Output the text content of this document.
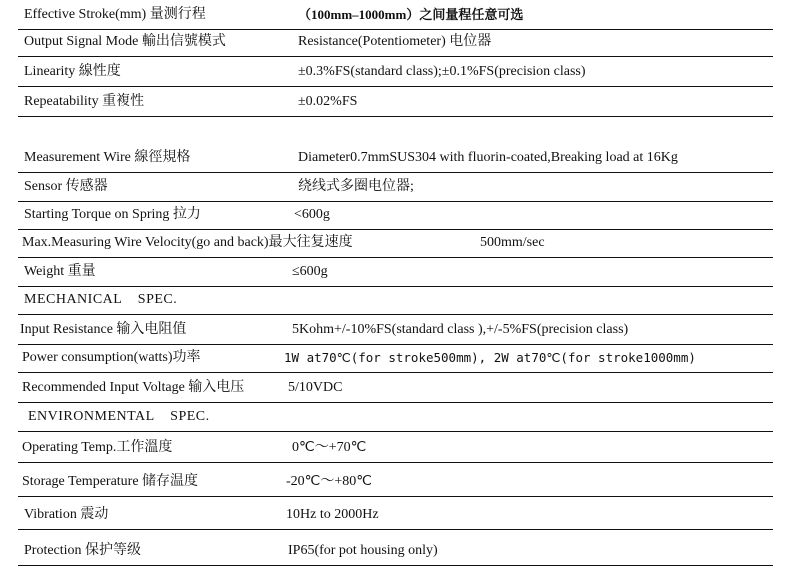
Effective Stroke(mm) 量测行程	（100mm–1000mm）之间量程任意可选
Output Signal Mode 輸出信號模式	Resistance(Potentiometer) 电位器
Linearity 線性度	±0.3%FS(standard class);±0.1%FS(precision class)
Repeatability 重複性	±0.02%FS
Measurement Wire 線徑規格	Diameter0.7mmSUS304 with fluorin-coated,Breaking load at 16Kg
Sensor 传感器	绕线式多圈电位器;
Starting Torque on Spring 拉力	<600g
Max.Measuring Wire Velocity(go and back)最大往复速度	500mm/sec
Weight 重量	≤600g
MECHANICAL    SPEC.
Input Resistance 输入电阻值	5Kohm+/-10%FS(standard class ),+/-5%FS(precision class)
Power consumption(watts)功率	1W at70℃(for stroke500mm), 2W at70℃(for stroke1000mm)
Recommended Input Voltage 输入电压	5/10VDC
ENVIRONMENTAL    SPEC.
Operating Temp.工作溫度	0℃～+70℃
Storage Temperature 储存温度	-20℃～+80℃
Vibration 震动	10Hz to 2000Hz
Protection 保护等级	IP65(for pot housing only)
